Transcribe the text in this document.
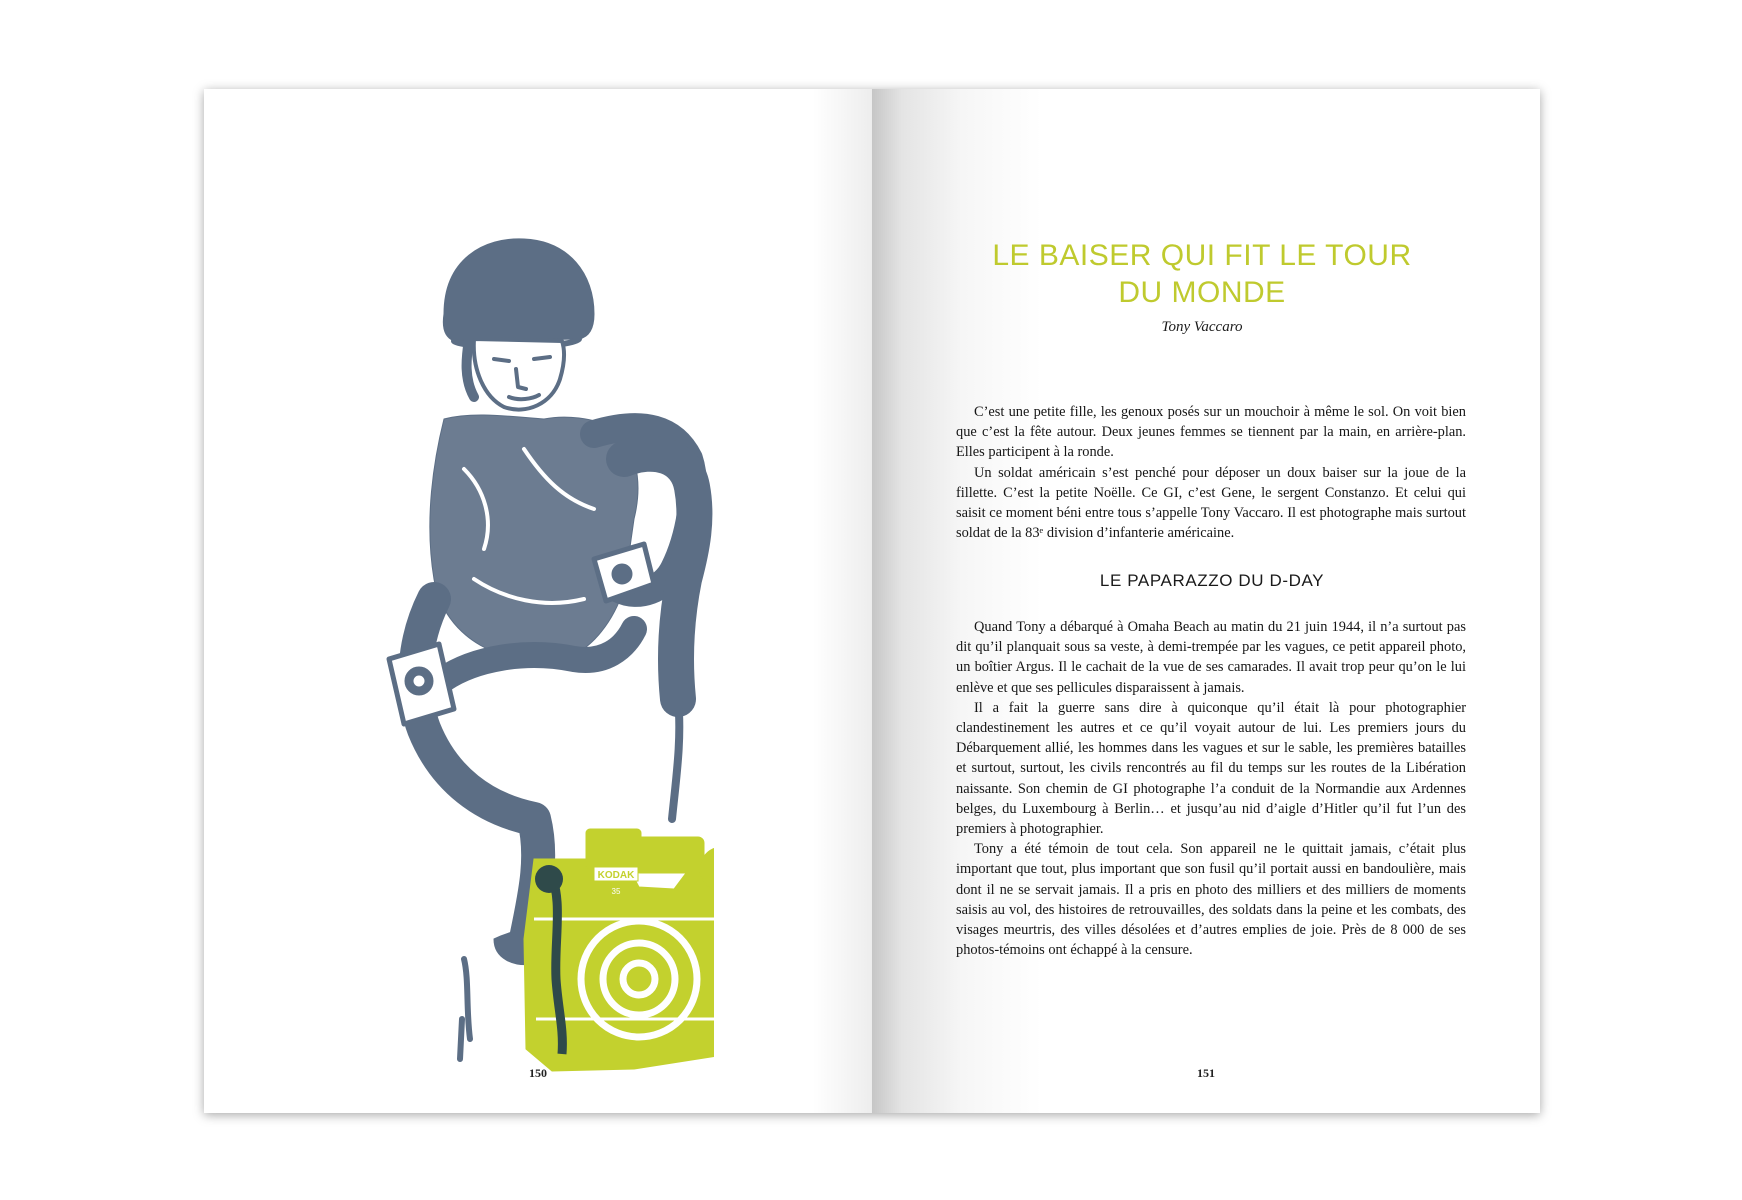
KODAK
35
150
LE BAISER QUI FIT LE TOUR
DU MONDE
Tony Vaccaro

C’est une petite fille, les genoux posés sur un mouchoir à même le sol. On voit bien que c’est la fête autour. Deux jeunes femmes se tiennent par la main, en arrière-plan. Elles participent à la ronde.

Un soldat américain s’est penché pour déposer un doux baiser sur la joue de la fillette. C’est la petite Noëlle. Ce GI, c’est Gene, le sergent Constanzo. Et celui qui saisit ce moment béni entre tous s’appelle Tony Vaccaro. Il est photographe mais surtout soldat de la 83ᵉ division d’infanterie américaine.

LE PAPARAZZO DU D-DAY

Quand Tony a débarqué à Omaha Beach au matin du 21 juin 1944, il n’a surtout pas dit qu’il planquait sous sa veste, à demi-trempée par les vagues, ce petit appareil photo, un boîtier Argus. Il le cachait de la vue de ses camarades. Il avait trop peur qu’on le lui enlève et que ses pellicules disparaissent à jamais.

Il a fait la guerre sans dire à quiconque qu’il était là pour photographier clandestinement les autres et ce qu’il voyait autour de lui. Les premiers jours du Débarquement allié, les hommes dans les vagues et sur le sable, les premières batailles et surtout, surtout, les civils rencontrés au fil du temps sur les routes de la Libération naissante. Son chemin de GI photographe l’a conduit de la Normandie aux Ardennes belges, du Luxembourg à Berlin… et jusqu’au nid d’aigle d’Hitler qu’il fut l’un des premiers à photographier.

Tony a été témoin de tout cela. Son appareil ne le quittait jamais, c’était plus important que tout, plus important que son fusil qu’il portait aussi en bandoulière, mais dont il ne se servait jamais. Il a pris en photo des milliers et des milliers de moments saisis au vol, des histoires de retrouvailles, des soldats dans la peine et les combats, des visages meurtris, des villes désolées et d’autres emplies de joie. Près de 8 000 de ses photos-témoins ont échappé à la censure.

151
